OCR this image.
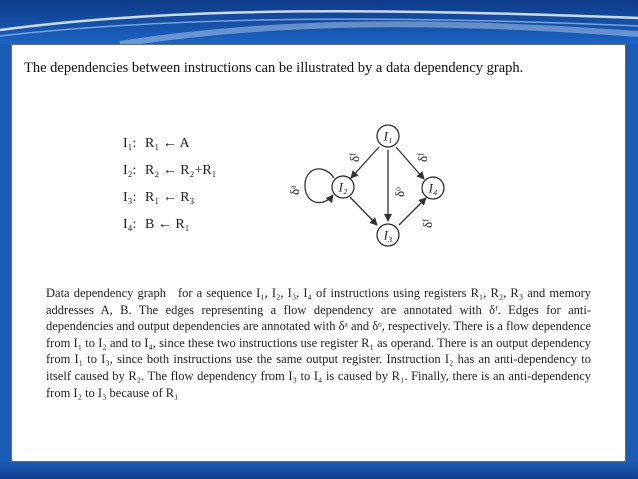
The dependencies between instructions can be illustrated by a data dependency graph.
I₁: R₁ ← A
I₂: R₂ ← R₂+R₁
I₃: R₁ ← R₃
I₄: B ← R₁
I₁
I₂
I₃
I₄
δᶠ	δᶠ
δᵒ
δᵃ
δᶠ
Data dependency graph for a sequence I₁, I₂, I₃, I₄ of instructions using registers R₁, R₂, R₃ and memory addresses A, B. The edges representing a flow dependency are annotated with δᶠ. Edges for anti-dependencies and output dependencies are annotated with δᵃ and δᵒ, respectively. There is a flow dependence from I₁ to I₂ and to I₄, since these two instructions use register R₁ as operand. There is an output dependency from I₁ to I₃, since both instructions use the same output register. Instruction I₂ has an anti-dependency to itself caused by R₂. The flow dependency from I₃ to I₄ is caused by R₁. Finally, there is an anti-dependency from I₂ to I₃ because of R₁
